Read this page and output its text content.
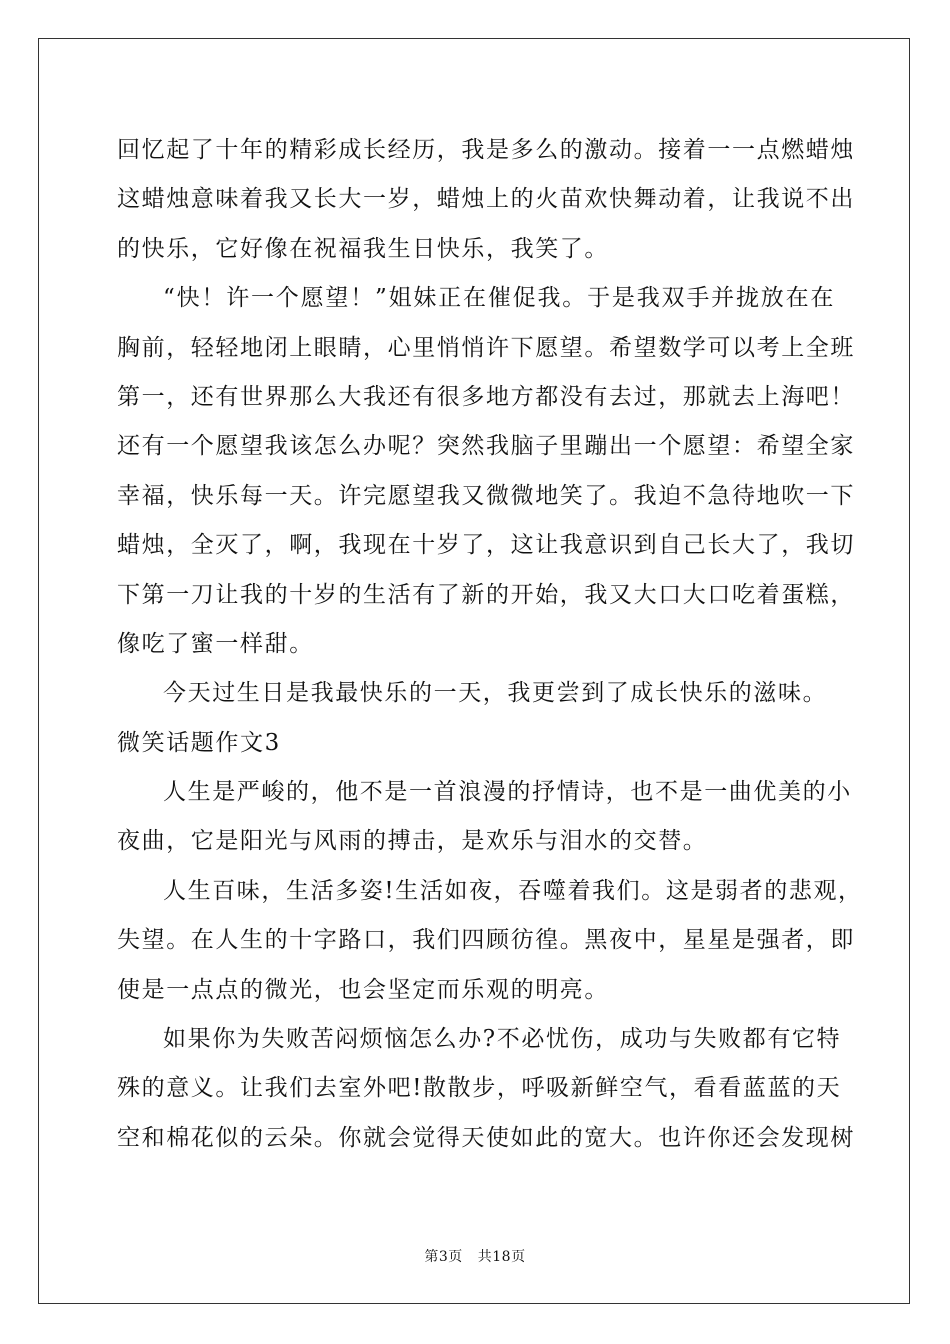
回忆起了十年的精彩成长经历，我是多么的激动。接着一一点燃蜡烛
这蜡烛意味着我又长大一岁，蜡烛上的火苗欢快舞动着，让我说不出
的快乐，它好像在祝福我生日快乐，我笑了。
“快！许一个愿望！”姐妹正在催促我。于是我双手并拢放在在
胸前，轻轻地闭上眼睛，心里悄悄许下愿望。希望数学可以考上全班
第一，还有世界那么大我还有很多地方都没有去过，那就去上海吧！
还有一个愿望我该怎么办呢？突然我脑子里蹦出一个愿望：希望全家
幸福，快乐每一天。许完愿望我又微微地笑了。我迫不急待地吹一下
蜡烛，全灭了，啊，我现在十岁了，这让我意识到自己长大了，我切
下第一刀让我的十岁的生活有了新的开始，我又大口大口吃着蛋糕，
像吃了蜜一样甜。
今天过生日是我最快乐的一天，我更尝到了成长快乐的滋味。
微笑话题作文3
人生是严峻的，他不是一首浪漫的抒情诗，也不是一曲优美的小
夜曲，它是阳光与风雨的搏击，是欢乐与泪水的交替。
人生百味，生活多姿!生活如夜，吞噬着我们。这是弱者的悲观，
失望。在人生的十字路口，我们四顾彷徨。黑夜中，星星是强者，即
使是一点点的微光，也会坚定而乐观的明亮。
如果你为失败苦闷烦恼怎么办?不必忧伤，成功与失败都有它特
殊的意义。让我们去室外吧!散散步，呼吸新鲜空气，看看蓝蓝的天
空和棉花似的云朵。你就会觉得天使如此的宽大。也许你还会发现树
第3页 共18页
